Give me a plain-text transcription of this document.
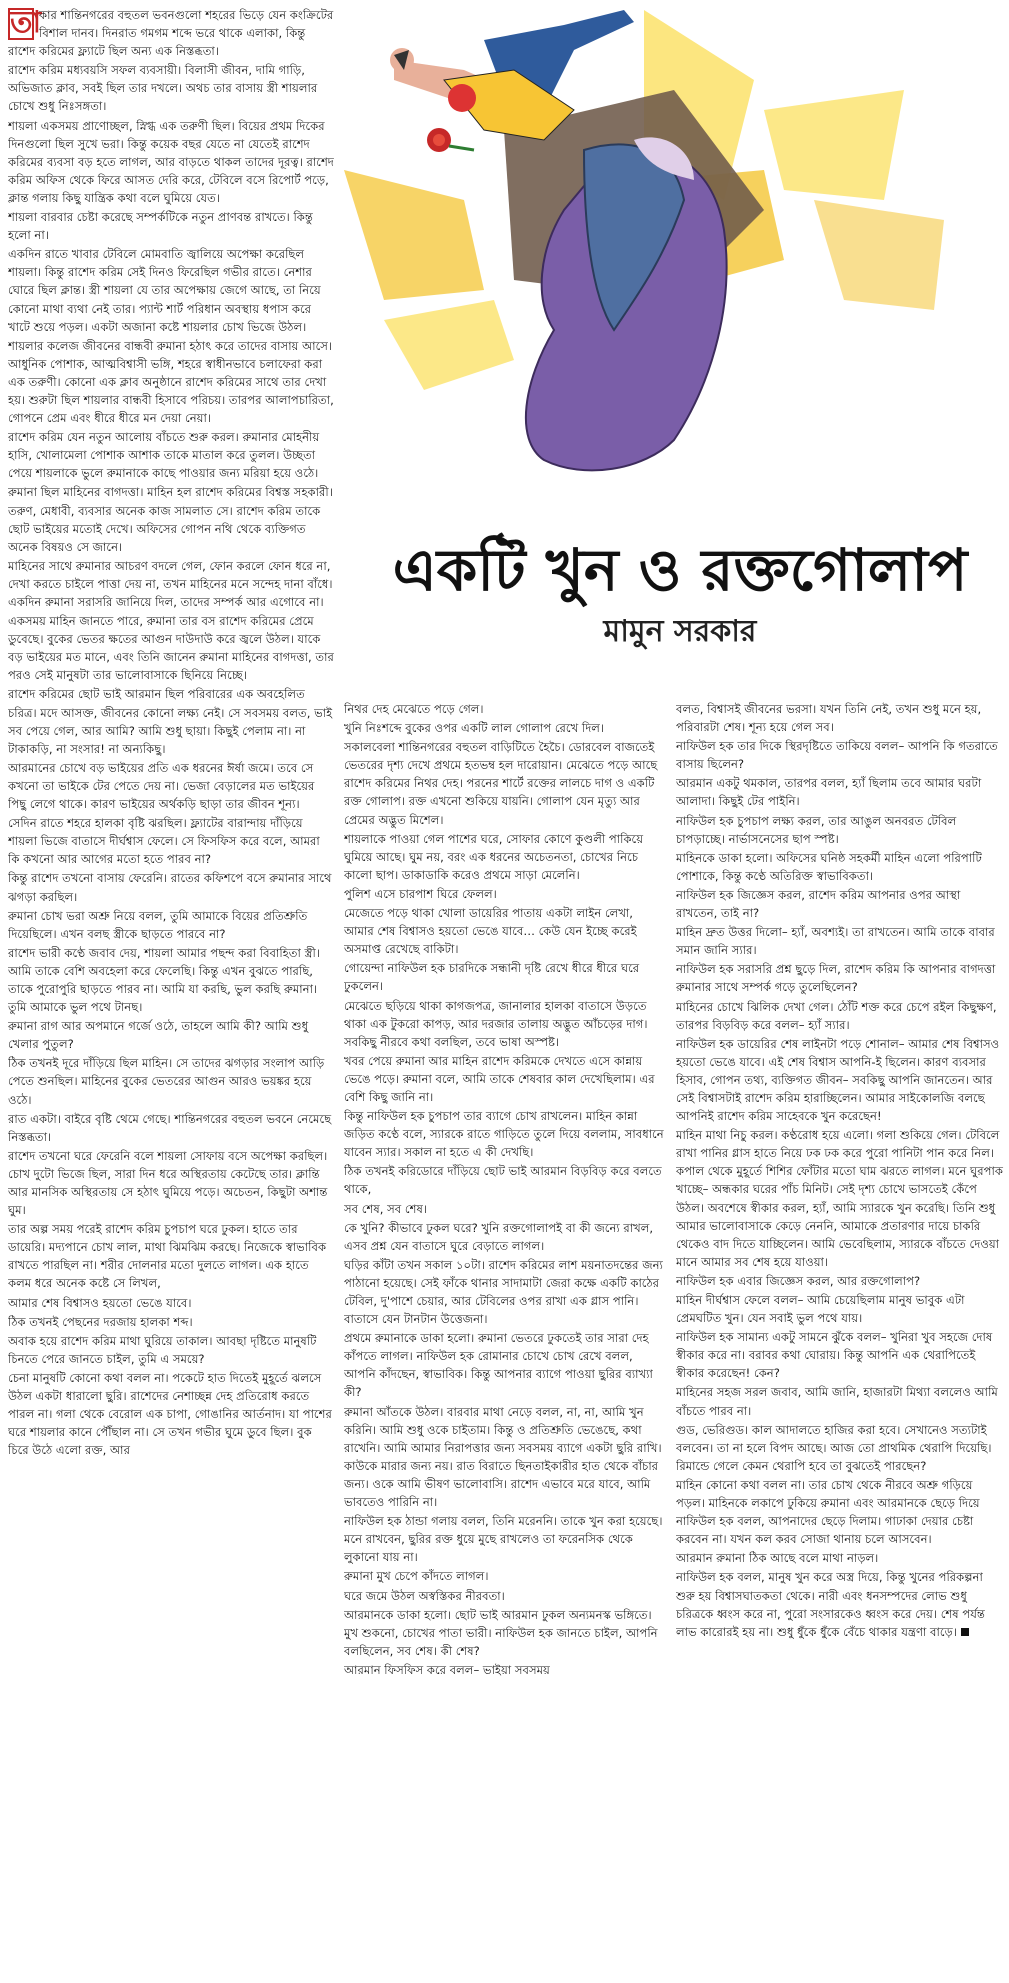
একটি খুন ও রক্তগোলাপ
মামুন সরকার
তা

কার শান্তিনগরের বহুতল ভবনগুলো শহরের ভিড়ে যেন কংক্রিটের বিশাল দানব। দিনরাত গমগম শব্দে ভরে থাকে এলাকা, কিন্তু রাশেদ করিমের ফ্ল্যাটে ছিল অন্য এক নিস্তব্ধতা।

রাশেদ করিম মধ্যবয়সি সফল ব্যবসায়ী। বিলাসী জীবন, দামি গাড়ি, অভিজাত ক্লাব, সবই ছিল তার দখলে। অথচ তার বাসায় স্ত্রী শায়লার চোখে শুধু নিঃসঙ্গতা।

শায়লা একসময় প্রাণোচ্ছল, স্নিগ্ধ এক তরুণী ছিল। বিয়ের প্রথম দিকের দিনগুলো ছিল সুখে ভরা। কিন্তু কয়েক বছর যেতে না যেতেই রাশেদ করিমের ব্যবসা বড় হতে লাগল, আর বাড়তে থাকল তাদের দূরত্ব। রাশেদ করিম অফিস থেকে ফিরে আসত দেরি করে, টেবিলে বসে রিপোর্ট পড়ে, ক্লান্ত গলায় কিছু যান্ত্রিক কথা বলে ঘুমিয়ে যেত।

শায়লা বারবার চেষ্টা করেছে সম্পর্কটিকে নতুন প্রাণবন্ত রাখতে। কিন্তু হলো না।

একদিন রাতে খাবার টেবিলে মোমবাতি জ্বালিয়ে অপেক্ষা করেছিল শায়লা। কিন্তু রাশেদ করিম সেই দিনও ফিরেছিল গভীর রাতে। নেশার ঘোরে ছিল ক্লান্ত। স্ত্রী শায়লা যে তার অপেক্ষায় জেগে আছে, তা নিয়ে কোনো মাথা ব্যথা নেই তার। প্যান্ট শার্ট পরিধান অবস্থায় ধপাস করে খাটে শুয়ে পড়ল। একটা অজানা কষ্টে শায়লার চোখ ভিজে উঠল।

শায়লার কলেজ জীবনের বান্ধবী রুমানা হঠাৎ করে তাদের বাসায় আসে। আধুনিক পোশাক, আত্মবিশ্বাসী ভঙ্গি, শহরে স্বাধীনভাবে চলাফেরা করা এক তরুণী। কোনো এক ক্লাব অনুষ্ঠানে রাশেদ করিমের সাথে তার দেখা হয়। শুরুটা ছিল শায়লার বান্ধবী হিসাবে পরিচয়। তারপর আলাপচারিতা, গোপনে প্রেম এবং ধীরে ধীরে মন দেয়া নেয়া।

রাশেদ করিম যেন নতুন আলোয় বাঁচতে শুরু করল। রুমানার মোহনীয় হাসি, খোলামেলা পোশাক আশাক তাকে মাতাল করে তুলল। উচ্ছতা পেয়ে শায়লাকে ভুলে রুমানাকে কাছে পাওয়ার জন্য মরিয়া হয়ে ওঠে।

রুমানা ছিল মাহিনের বাগদত্তা। মাহিন হল রাশেদ করিমের বিশ্বস্ত সহকারী। তরুণ, মেধাবী, ব্যবসার অনেক কাজ সামলাত সে। রাশেদ করিম তাকে ছোট ভাইয়ের মতোই দেখে। অফিসের গোপন নথি থেকে ব্যক্তিগত অনেক বিষয়ও সে জানে।

মাহিনের সাথে রুমানার আচরণ বদলে গেল, ফোন করলে ফোন ধরে না, দেখা করতে চাইলে পাত্তা দেয় না, তখন মাহিনের মনে সন্দেহ দানা বাঁধে। একদিন রুমানা সরাসরি জানিয়ে দিল, তাদের সম্পর্ক আর এগোবে না।

একসময় মাহিন জানতে পারে, রুমানা তার বস রাশেদ করিমের প্রেমে ডুবেছে। বুকের ভেতর ক্ষতের আগুন দাউদাউ করে জ্বলে উঠল। যাকে বড় ভাইয়ের মত মানে, এবং তিনি জানেন রুমানা মাহিনের বাগদত্তা, তার পরও সেই মানুষটা তার ভালোবাসাকে ছিনিয়ে নিচ্ছে।

রাশেদ করিমের ছোট ভাই আরমান ছিল পরিবারের এক অবহেলিত চরিত্র। মদে আসক্ত, জীবনের কোনো লক্ষ্য নেই। সে সবসময় বলত, ভাই সব পেয়ে গেল, আর আমি? আমি শুধু ছায়া। কিছুই পেলাম না। না টাকাকড়ি, না সংসার! না অন্যকিছু।

আরমানের চোখে বড় ভাইয়ের প্রতি এক ধরনের ঈর্ষা জমে। তবে সে কখনো তা ভাইকে টের পেতে দেয় না। ভেজা বেড়ালের মত ভাইয়ের পিছু লেগে থাকে। কারণ ভাইয়ের অর্থকড়ি ছাড়া তার জীবন শূন্য।

সেদিন রাতে শহরে হালকা বৃষ্টি ঝরছিল। ফ্ল্যাটের বারান্দায় দাঁড়িয়ে শায়লা ভিজে বাতাসে দীর্ঘশ্বাস ফেলে। সে ফিসফিস করে বলে, আমরা কি কখনো আর আগের মতো হতে পারব না?

কিন্তু রাশেদ তখনো বাসায় ফেরেনি। রাতের কফিশপে বসে রুমানার সাথে ঝগড়া করছিল।

রুমানা চোখ ভরা অশ্রু নিয়ে বলল, তুমি আমাকে বিয়ের প্রতিশ্রুতি দিয়েছিলে। এখন বলছ স্ত্রীকে ছাড়তে পারবে না?

রাশেদ ভারী কণ্ঠে জবাব দেয়, শায়লা আমার পছন্দ করা বিবাহিতা স্ত্রী। আমি তাকে বেশি অবহেলা করে ফেলেছি। কিন্তু এখন বুঝতে পারছি, তাকে পুরোপুরি ছাড়তে পারব না। আমি যা করছি, ভুল করছি রুমানা। তুমি আমাকে ভুল পথে টানছ।

রুমানা রাগ আর অপমানে গর্জে ওঠে, তাহলে আমি কী? আমি শুধু খেলার পুতুল?

ঠিক তখনই দূরে দাঁড়িয়ে ছিল মাহিন। সে তাদের ঝগড়ার সংলাপ আড়ি পেতে শুনছিল। মাহিনের বুকের ভেতরের আগুন আরও ভয়ঙ্কর হয়ে ওঠে।

রাত একটা। বাইরে বৃষ্টি থেমে গেছে। শান্তিনগরের বহুতল ভবনে নেমেছে নিস্তব্ধতা।

রাশেদ তখনো ঘরে ফেরেনি বলে শায়লা সোফায় বসে অপেক্ষা করছিল। চোখ দুটো ভিজে ছিল, সারা দিন ধরে অস্থিরতায় কেটেছে তার। ক্লান্তি আর মানসিক অস্থিরতায় সে হঠাৎ ঘুমিয়ে পড়ে। অচেতন, কিছুটা অশান্ত ঘুম।

তার অল্প সময় পরেই রাশেদ করিম চুপচাপ ঘরে ঢুকল। হাতে তার ডায়েরি। মদ্যপানে চোখ লাল, মাথা ঝিমঝিম করছে। নিজেকে স্বাভাবিক রাখতে পারছিল না। শরীর দোলনার মতো দুলতে লাগল। এক হাতে কলম ধরে অনেক কষ্টে সে লিখল,

আমার শেষ বিশ্বাসও হয়তো ভেঙে যাবে।

ঠিক তখনই পেছনের দরজায় হালকা শব্দ।

অবাক হয়ে রাশেদ করিম মাথা ঘুরিয়ে তাকাল। আবছা দৃষ্টিতে মানুষটি চিনতে পেরে জানতে চাইল, তুমি এ সময়ে?

চেনা মানুষটি কোনো কথা বলল না। পকেটে হাত দিতেই মুহূর্তে ঝলসে উঠল একটা ধারালো ছুরি। রাশেদের নেশাচ্ছন্ন দেহ প্রতিরোধ করতে পারল না। গলা থেকে বেরোল এক চাপা, গোঙানির আর্তনাদ। যা পাশের ঘরে শায়লার কানে পৌঁছাল না। সে তখন গভীর ঘুমে ডুবে ছিল। বুক চিরে উঠে এলো রক্ত, আর

নিথর দেহ মেঝেতে পড়ে গেল।

খুনি নিঃশব্দে বুকের ওপর একটি লাল গোলাপ রেখে দিল।

সকালবেলা শান্তিনগরের বহুতল বাড়িটিতে হৈচৈ। ডোরবেল বাজতেই ভেতরের দৃশ্য দেখে প্রথমে হতভম্ব হল দারোয়ান। মেঝেতে পড়ে আছে রাশেদ করিমের নিথর দেহ। পরনের শার্টে রক্তের লালচে দাগ ও একটি রক্ত গোলাপ। রক্ত এখনো শুকিয়ে যায়নি। গোলাপ যেন মৃত্যু আর প্রেমের অদ্ভুত মিশেল।

শায়লাকে পাওয়া গেল পাশের ঘরে, সোফার কোণে কুণ্ডলী পাকিয়ে ঘুমিয়ে আছে। ঘুম নয়, বরং এক ধরনের অচেতনতা, চোখের নিচে কালো ছাপ। ডাকাডাকি করেও প্রথমে সাড়া মেলেনি।

পুলিশ এসে চারপাশ ঘিরে ফেলল।

মেজেতে পড়ে থাকা খোলা ডায়েরির পাতায় একটা লাইন লেখা, আমার শেষ বিশ্বাসও হয়তো ভেঙে যাবে… কেউ যেন ইচ্ছে করেই অসমাপ্ত রেখেছে বাকিটা।

গোয়েন্দা নাফিউল হক চারদিকে সন্ধানী দৃষ্টি রেখে ধীরে ধীরে ঘরে ঢুকলেন।

মেঝেতে ছড়িয়ে থাকা কাগজপত্র, জানালার হালকা বাতাসে উড়তে থাকা এক টুকরো কাপড়, আর দরজার তালায় অদ্ভুত আঁচড়ের দাগ। সবকিছু নীরবে কথা বলছিল, তবে ভাষা অস্পষ্ট।

খবর পেয়ে রুমানা আর মাহিন রাশেদ করিমকে দেখতে এসে কান্নায় ভেঙে পড়ে। রুমানা বলে, আমি তাকে শেষবার কাল দেখেছিলাম। এর বেশি কিছু জানি না।

কিন্তু নাফিউল হক চুপচাপ তার ব্যাগে চোখ রাখলেন। মাহিন কান্না জড়িত কণ্ঠে বলে, স্যারকে রাতে গাড়িতে তুলে দিয়ে বললাম, সাবধানে যাবেন স্যার। সকাল না হতে এ কী দেখছি।

ঠিক তখনই করিডোরে দাঁড়িয়ে ছোট ভাই আরমান বিড়বিড় করে বলতে থাকে,

সব শেষ, সব শেষ।

কে খুনি? কীভাবে ঢুকল ঘরে? খুনি রক্তগোলাপই বা কী জন্যে রাখল, এসব প্রশ্ন যেন বাতাসে ঘুরে বেড়াতে লাগল।

ঘড়ির কাঁটা তখন সকাল ১০টা। রাশেদ করিমের লাশ ময়নাতদন্তের জন্য পাঠানো হয়েছে। সেই ফাঁকে থানার সাদামাটা জেরা কক্ষে একটি কাঠের টেবিল, দু'পাশে চেয়ার, আর টেবিলের ওপর রাখা এক গ্লাস পানি। বাতাসে যেন টানটান উত্তেজনা।

প্রথমে রুমানাকে ডাকা হলো। রুমানা ভেতরে ঢুকতেই তার সারা দেহ কাঁপতে লাগল। নাফিউল হক রোমানার চোখে চোখ রেখে বলল, আপনি কাঁদছেন, স্বাভাবিক। কিন্তু আপনার ব্যাগে পাওয়া ছুরির ব্যাখ্যা কী?

রুমানা আঁতকে উঠল। বারবার মাথা নেড়ে বলল, না, না, আমি খুন করিনি। আমি শুধু ওকে চাইতাম। কিন্তু ও প্রতিশ্রুতি ভেঙেছে, কথা রাখেনি। আমি আমার নিরাপত্তার জন্য সবসময় ব্যাগে একটা ছুরি রাখি। কাউকে মারার জন্য নয়। রাত বিরাতে ছিনতাইকারীর হাত থেকে বাঁচার জন্য। ওকে আমি ভীষণ ভালোবাসি। রাশেদ এভাবে মরে যাবে, আমি ভাবতেও পারিনি না।

নাফিউল হক ঠান্ডা গলায় বলল, তিনি মরেননি। তাকে খুন করা হয়েছে। মনে রাখবেন, ছুরির রক্ত ধুয়ে মুছে রাখলেও তা ফরেনসিক থেকে লুকানো যায় না।

রুমানা মুখ চেপে কাঁদতে লাগল।

ঘরে জমে উঠল অস্বস্তিকর নীরবতা।

আরমানকে ডাকা হলো। ছোট ভাই আরমান ঢুকল অন্যমনস্ক ভঙ্গিতে। মুখ শুকনো, চোখের পাতা ভারী। নাফিউল হক জানতে চাইল, আপনি বলছিলেন, সব শেষ। কী শেষ?

আরমান ফিসফিস করে বলল– ভাইয়া সবসময়

বলত, বিশ্বাসই জীবনের ভরসা। যখন তিনি নেই, তখন শুধু মনে হয়, পরিবারটা শেষ। শূন্য হয়ে গেল সব।

নাফিউল হক তার দিকে স্থিরদৃষ্টিতে তাকিয়ে বলল– আপনি কি গতরাতে বাসায় ছিলেন?

আরমান একটু থমকাল, তারপর বলল, হ্যাঁ ছিলাম তবে আমার ঘরটা আলাদা। কিছুই টের পাইনি।

নাফিউল হক চুপচাপ লক্ষ্য করল, তার আঙুল অনবরত টেবিল চাপড়াচ্ছে। নার্ভাসনেসের ছাপ স্পষ্ট।

মাহিনকে ডাকা হলো। অফিসের ঘনিষ্ঠ সহকর্মী মাহিন এলো পরিপাটি পোশাকে, কিন্তু কণ্ঠে অতিরিক্ত স্বাভাবিকতা।

নাফিউল হক জিজ্ঞেস করল, রাশেদ করিম আপনার ওপর আস্থা রাখতেন, তাই না?

মাহিন দ্রুত উত্তর দিলো– হ্যাঁ, অবশ্যই। তা রাখতেন। আমি তাকে বাবার সমান জানি স্যার।

নাফিউল হক সরাসরি প্রশ্ন ছুড়ে দিল, রাশেদ করিম কি আপনার বাগদত্তা রুমানার সাথে সম্পর্ক গড়ে তুলেছিলেন?

মাহিনের চোখে ঝিলিক দেখা গেল। ঠোঁট শক্ত করে চেপে রইল কিছুক্ষণ, তারপর বিড়বিড় করে বলল– হ্যাঁ স্যার।

নাফিউল হক ডায়েরির শেষ লাইনটা পড়ে শোনাল– আমার শেষ বিশ্বাসও হয়তো ভেঙে যাবে। এই শেষ বিশ্বাস আপনি-ই ছিলেন। কারণ ব্যবসার হিসাব, গোপন তথ্য, ব্যক্তিগত জীবন– সবকিছু আপনি জানতেন। আর সেই বিশ্বাসটাই রাশেদ করিম হারাচ্ছিলেন। আমার সাইকোলজি বলছে আপনিই রাশেদ করিম সাহেবকে খুন করেছেন!

মাহিন মাথা নিচু করল। কণ্ঠরোধ হয়ে এলো। গলা শুকিয়ে গেল। টেবিলে রাখা পানির গ্লাস হাতে নিয়ে ঢক ঢক করে পুরো পানিটা পান করে নিল। কপাল থেকে মুহূর্তে শিশির ফোঁটার মতো ঘাম ঝরতে লাগল। মনে ঘুরপাক খাচ্ছে– অন্ধকার ঘরের পাঁচ মিনিট। সেই দৃশ্য চোখে ভাসতেই কেঁপে উঠল। অবশেষে স্বীকার করল, হ্যাঁ, আমি স্যারকে খুন করেছি। তিনি শুধু আমার ভালোবাসাকে কেড়ে নেননি, আমাকে প্রতারণার দায়ে চাকরি থেকেও বাদ দিতে যাচ্ছিলেন। আমি ভেবেছিলাম, স্যারকে বাঁচতে দেওয়া মানে আমার সব শেষ হয়ে যাওয়া।

নাফিউল হক এবার জিজ্ঞেস করল, আর রক্তগোলাপ?

মাহিন দীর্ঘশ্বাস ফেলে বলল– আমি চেয়েছিলাম মানুষ ভাবুক এটা প্রেমঘটিত খুন। যেন সবাই ভুল পথে যায়।

নাফিউল হক সামান্য একটু সামনে ঝুঁকে বলল– খুনিরা খুব সহজে দোষ স্বীকার করে না। বরাবর কথা ঘোরায়। কিন্তু আপনি এক থেরাপিতেই স্বীকার করেছেন! কেন?

মাহিনের সহজ সরল জবাব, আমি জানি, হাজারটা মিথ্যা বললেও আমি বাঁচতে পারব না।

গুড, ভেরিগুড। কাল আদালতে হাজির করা হবে। সেখানেও সত্যটাই বলবেন। তা না হলে বিপদ আছে। আজ তো প্রাথমিক থেরাপি দিয়েছি। রিমান্ডে গেলে কেমন থেরাপি হবে তা বুঝতেই পারছেন?

মাহিন কোনো কথা বলল না। তার চোখ থেকে নীরবে অশ্রু গড়িয়ে পড়ল। মাহিনকে লকাপে ঢুকিয়ে রুমানা এবং আরমানকে ছেড়ে দিয়ে নাফিউল হক বলল, আপনাদের ছেড়ে দিলাম। গাঢাকা দেয়ার চেষ্টা করবেন না। যখন কল করব সোজা থানায় চলে আসবেন।

আরমান রুমানা ঠিক আছে বলে মাথা নাড়ল।

নাফিউল হক বলল, মানুষ খুন করে অস্ত্র দিয়ে, কিন্তু খুনের পরিকল্পনা শুরু হয় বিশ্বাসঘাতকতা থেকে। নারী এবং ধনসম্পদের লোভ শুধু চরিত্রকে ধ্বংস করে না, পুরো সংসারকেও ধ্বংস করে দেয়। শেষ পর্যন্ত লাভ কারোরই হয় না। শুধু ধুঁকে ধুঁকে বেঁচে থাকার যন্ত্রণা বাড়ে।
